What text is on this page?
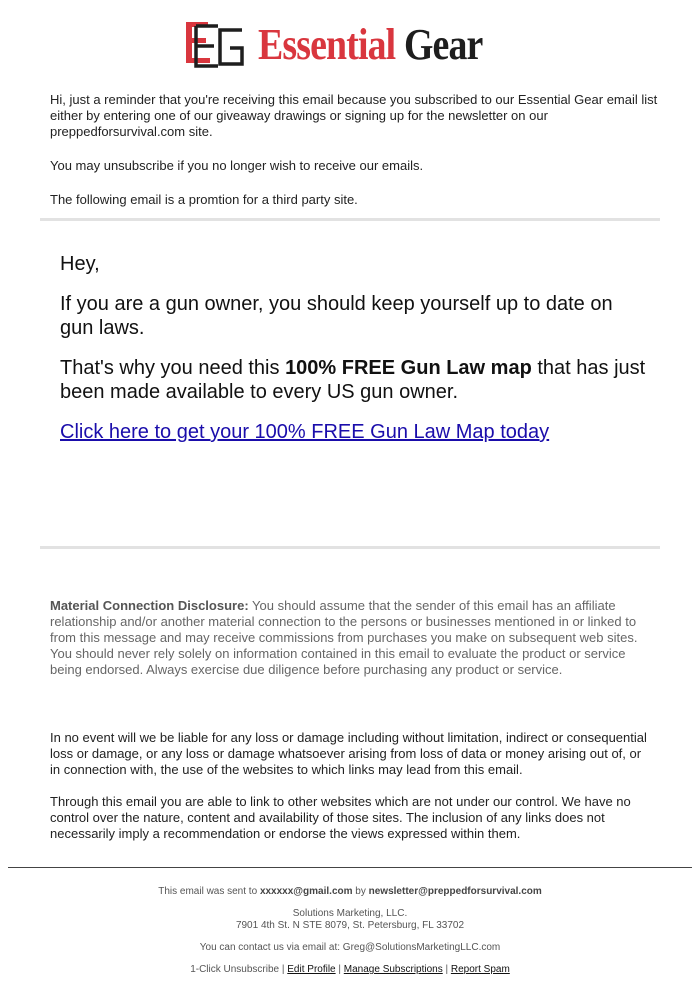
Essential Gear

Hi, just a reminder that you're receiving this email because you subscribed to our Essential Gear email list either by entering one of our giveaway drawings or signing up for the newsletter on our preppedforsurvival.com site.

You may unsubscribe if you no longer wish to receive our emails.

The following email is a promtion for a third party site.

Hey,

If you are a gun owner, you should keep yourself up to date on gun laws.

That's why you need this 100% FREE Gun Law map that has just been made available to every US gun owner.

Click here to get your 100% FREE Gun Law Map today

Material Connection Disclosure: You should assume that the sender of this email has an affiliate relationship and/or another material connection to the persons or businesses mentioned in or linked to from this message and may receive commissions from purchases you make on subsequent web sites. You should never rely solely on information contained in this email to evaluate the product or service being endorsed. Always exercise due diligence before purchasing any product or service.

In no event will we be liable for any loss or damage including without limitation, indirect or consequential loss or damage, or any loss or damage whatsoever arising from loss of data or money arising out of, or in connection with, the use of the websites to which links may lead from this email.

Through this email you are able to link to other websites which are not under our control. We have no control over the nature, content and availability of those sites. The inclusion of any links does not necessarily imply a recommendation or endorse the views expressed within them.

This email was sent to xxxxxx@gmail.com by newsletter@preppedforsurvival.com
Solutions Marketing, LLC.
7901 4th St. N STE 8079, St. Petersburg, FL 33702
You can contact us via email at: Greg@SolutionsMarketingLLC.com
1-Click Unsubscribe | Edit Profile | Manage Subscriptions | Report Spam
